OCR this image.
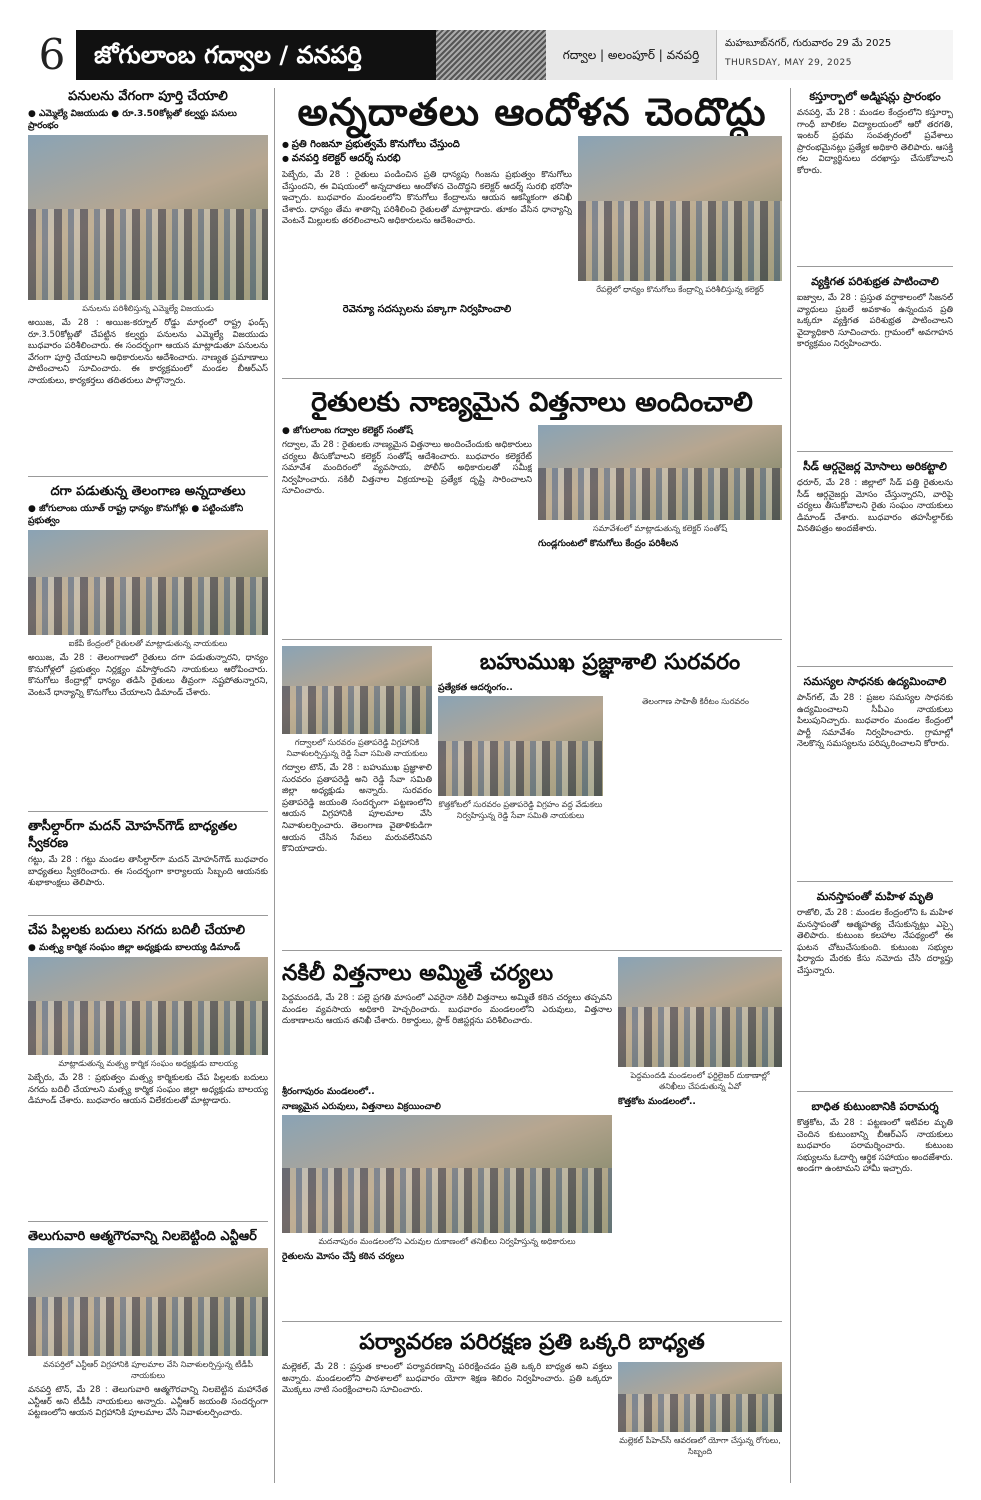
6	జోగులాంబ గద్వాల / వనపర్తి	గద్వాల | అలంపూర్ | వనపర్తి
మహబూబ్‌నగర్, గురువారం 29 మే 2025
THURSDAY, MAY 29, 2025
పనులను వేగంగా పూర్తి చేయాలి
● ఎమ్మెల్యే విజయుడు ● రూ.3.50కోట్లతో కల్వర్టు పనులు ప్రారంభం
పనులను పరిశీలిస్తున్న ఎమ్మెల్యే విజయుడు
అయిజ, మే 28 : అయిజ-కర్నూల్ రోడ్డు మార్గంలో రాష్ట్ర ఫండ్స్ రూ.3.50కోట్లతో చేపట్టిన కల్వర్టు పనులను ఎమ్మెల్యే విజయుడు బుధవారం పరిశీలించారు. ఈ సందర్భంగా ఆయన మాట్లాడుతూ పనులను వేగంగా పూర్తి చేయాలని అధికారులను ఆదేశించారు. నాణ్యత ప్రమాణాలు పాటించాలని సూచించారు. ఈ కార్యక్రమంలో మండల బీఆర్ఎస్ నాయకులు, కార్యకర్తలు తదితరులు పాల్గొన్నారు.
దగా పడుతున్న తెలంగాణ అన్నదాతలు
● జోగులాంబ యూత్ రాష్ట్ర ధాన్యం కొనుగోళ్లు ● పట్టించుకోని ప్రభుత్వం
ఐకేపీ కేంద్రంలో రైతులతో మాట్లాడుతున్న నాయకులు
అయిజ, మే 28 : తెలంగాణలో రైతులు దగా పడుతున్నారని, ధాన్యం కొనుగోళ్లలో ప్రభుత్వం నిర్లక్ష్యం వహిస్తోందని నాయకులు ఆరోపించారు. కొనుగోలు కేంద్రాల్లో ధాన్యం తడిసి రైతులు తీవ్రంగా నష్టపోతున్నారని, వెంటనే ధాన్యాన్ని కొనుగోలు చేయాలని డిమాండ్ చేశారు.
తాసీల్దార్‌గా మదన్ మోహన్‌గౌడ్ బాధ్యతల స్వీకరణ
గట్టు, మే 28 : గట్టు మండల తాసీల్దార్‌గా మదన్ మోహన్‌గౌడ్ బుధవారం బాధ్యతలు స్వీకరించారు. ఈ సందర్భంగా కార్యాలయ సిబ్బంది ఆయనకు శుభాకాంక్షలు తెలిపారు.
చేప పిల్లలకు బదులు నగదు బదిలీ చేయాలి
● మత్స్య కార్మిక సంఘం జిల్లా అధ్యక్షుడు బాలయ్య డిమాండ్
మాట్లాడుతున్న మత్స్య కార్మిక సంఘం అధ్యక్షుడు బాలయ్య
పెబ్బేరు, మే 28 : ప్రభుత్వం మత్స్య కార్మికులకు చేప పిల్లలకు బదులు నగదు బదిలీ చేయాలని మత్స్య కార్మిక సంఘం జిల్లా అధ్యక్షుడు బాలయ్య డిమాండ్ చేశారు. బుధవారం ఆయన విలేకరులతో మాట్లాడారు.
తెలుగువారి ఆత్మగౌరవాన్ని నిలబెట్టింది ఎన్టీఆర్
వనపర్తిలో ఎన్టీఆర్ విగ్రహానికి పూలమాల వేసి నివాళులర్పిస్తున్న టీడీపీ నాయకులు
వనపర్తి టౌన్, మే 28 : తెలుగువారి ఆత్మగౌరవాన్ని నిలబెట్టిన మహానేత ఎన్టీఆర్ అని టీడీపీ నాయకులు అన్నారు. ఎన్టీఆర్ జయంతి సందర్భంగా పట్టణంలోని ఆయన విగ్రహానికి పూలమాల వేసి నివాళులర్పించారు.
అన్నదాతలు ఆందోళన చెందొద్దు
● ప్రతి గింజనూ ప్రభుత్వమే కొనుగోలు చేస్తుంది
● వనపర్తి కలెక్టర్ ఆదర్శ్ సురభి
పెబ్బేరు, మే 28 : రైతులు పండించిన ప్రతి ధాన్యపు గింజను ప్రభుత్వం కొనుగోలు చేస్తుందని, ఈ విషయంలో అన్నదాతలు ఆందోళన చెందొద్దని కలెక్టర్ ఆదర్శ్ సురభి భరోసా ఇచ్చారు. బుధవారం మండలంలోని కొనుగోలు కేంద్రాలను ఆయన ఆకస్మికంగా తనిఖీ చేశారు. ధాన్యం తేమ శాతాన్ని పరిశీలించి రైతులతో మాట్లాడారు. తూకం వేసిన ధాన్యాన్ని వెంటనే మిల్లులకు తరలించాలని అధికారులను ఆదేశించారు.
రెవెన్యూ సదస్సులను పక్కాగా నిర్వహించాలి
రేపల్లెలో ధాన్యం కొనుగోలు కేంద్రాన్ని పరిశీలిస్తున్న కలెక్టర్
రైతులకు నాణ్యమైన విత్తనాలు అందించాలి
● జోగులాంబ గద్వాల కలెక్టర్ సంతోష్
గద్వాల, మే 28 : రైతులకు నాణ్యమైన విత్తనాలు అందించేందుకు అధికారులు చర్యలు తీసుకోవాలని కలెక్టర్ సంతోష్ ఆదేశించారు. బుధవారం కలెక్టరేట్ సమావేశ మందిరంలో వ్యవసాయ, పోలీస్ అధికారులతో సమీక్ష నిర్వహించారు. నకిలీ విత్తనాల విక్రయాలపై ప్రత్యేక దృష్టి సారించాలని సూచించారు.
సమావేశంలో మాట్లాడుతున్న కలెక్టర్ సంతోష్
గుండ్లగుంటలో కొనుగోలు కేంద్రం పరిశీలన
గద్వాలలో సురవరం ప్రతాపరెడ్డి విగ్రహానికి నివాళులర్పిస్తున్న రెడ్డి సేవా సమితి నాయకులు
గద్వాల టౌన్, మే 28 : బహుముఖ ప్రజ్ఞాశాలి సురవరం ప్రతాపరెడ్డి అని రెడ్డి సేవా సమితి జిల్లా అధ్యక్షుడు అన్నారు. సురవరం ప్రతాపరెడ్డి జయంతి సందర్భంగా పట్టణంలోని ఆయన విగ్రహానికి పూలమాల వేసి నివాళులర్పించారు. తెలంగాణ వైతాళికుడిగా ఆయన చేసిన సేవలు మరువలేనివని కొనియాడారు.
బహుముఖ ప్రజ్ఞాశాలి సురవరం
ప్రత్యేకత ఆదర్శంగం..
కొత్తకోటలో సురవరం ప్రతాపరెడ్డి విగ్రహం వద్ద వేడుకలు నిర్వహిస్తున్న రెడ్డి సేవా సమితి నాయకులు
తెలంగాణ సాహితీ కిరీటం సురవరం
నకిలీ విత్తనాలు అమ్మితే చర్యలు
పెద్దమందడి, మే 28 : పల్లె ప్రగతి మాసంలో ఎవరైనా నకిలీ విత్తనాలు అమ్మితే కఠిన చర్యలు తప్పవని మండల వ్యవసాయ అధికారి హెచ్చరించారు. బుధవారం మండలంలోని ఎరువులు, విత్తనాల దుకాణాలను ఆయన తనిఖీ చేశారు. రికార్డులు, స్టాక్ రిజిస్టర్లను పరిశీలించారు.
శ్రీరంగాపురం మండలంలో..
నాణ్యమైన ఎరువులు, విత్తనాలు విక్రయించాలి
మదనాపురం మండలంలోని ఎరువుల దుకాణంలో తనిఖీలు నిర్వహిస్తున్న అధికారులు
రైతులను మోసం చేస్తే కఠిన చర్యలు
పెద్దమందడి మండలంలో ఫర్టిలైజర్ దుకాణాల్లో తనిఖీలు చేపడుతున్న ఏవో
కొత్తకోట మండలంలో..
పర్యావరణ పరిరక్షణ ప్రతి ఒక్కరి బాధ్యత
మల్లెకల్, మే 28 : ప్రస్తుత కాలంలో పర్యావరణాన్ని పరిరక్షించడం ప్రతి ఒక్కరి బాధ్యత అని వక్తలు అన్నారు. మండలంలోని పాఠశాలలో బుధవారం యోగా శిక్షణ శిబిరం నిర్వహించారు. ప్రతి ఒక్కరూ మొక్కలు నాటి సంరక్షించాలని సూచించారు.
మల్లెకల్ పీహెచ్‌సీ ఆవరణలో యోగా చేస్తున్న రోగులు, సిబ్బంది
కస్తూర్బాలో అడ్మిషన్లు ప్రారంభం
వనపర్తి, మే 28 : మండల కేంద్రంలోని కస్తూర్బా గాంధీ బాలికల విద్యాలయంలో ఆరో తరగతి, ఇంటర్ ప్రథమ సంవత్సరంలో ప్రవేశాలు ప్రారంభమైనట్లు ప్రత్యేక అధికారి తెలిపారు. ఆసక్తి గల విద్యార్థినులు దరఖాస్తు చేసుకోవాలని కోరారు.
వ్యక్తిగత పరిశుభ్రత పాటించాలి
ఐజ్వాల, మే 28 : ప్రస్తుత వర్షాకాలంలో సీజనల్ వ్యాధులు ప్రబలే అవకాశం ఉన్నందున ప్రతి ఒక్కరూ వ్యక్తిగత పరిశుభ్రత పాటించాలని వైద్యాధికారి సూచించారు. గ్రామంలో అవగాహన కార్యక్రమం నిర్వహించారు.
సీడ్ ఆర్గనైజర్ల మోసాలు అరికట్టాలి
ధరూర్, మే 28 : జిల్లాలో సీడ్ పత్తి రైతులను సీడ్ ఆర్గనైజర్లు మోసం చేస్తున్నారని, వారిపై చర్యలు తీసుకోవాలని రైతు సంఘం నాయకులు డిమాండ్ చేశారు. బుధవారం తహసీల్దార్‌కు వినతిపత్రం అందజేశారు.
సమస్యల సాధనకు ఉద్యమించాలి
పాన్‌గల్, మే 28 : ప్రజల సమస్యల సాధనకు ఉద్యమించాలని సీపీఎం నాయకులు పిలుపునిచ్చారు. బుధవారం మండల కేంద్రంలో పార్టీ సమావేశం నిర్వహించారు. గ్రామాల్లో నెలకొన్న సమస్యలను పరిష్కరించాలని కోరారు.
మనస్తాపంతో మహిళ మృతి
రాజోలి, మే 28 : మండల కేంద్రంలోని ఓ మహిళ మనస్తాపంతో ఆత్మహత్య చేసుకున్నట్లు ఎస్సై తెలిపారు. కుటుంబ కలహాల నేపథ్యంలో ఈ ఘటన చోటుచేసుకుంది. కుటుంబ సభ్యుల ఫిర్యాదు మేరకు కేసు నమోదు చేసి దర్యాప్తు చేస్తున్నారు.
బాధిత కుటుంబానికి పరామర్శ
కొత్తకోట, మే 28 : పట్టణంలో ఇటీవల మృతి చెందిన కుటుంబాన్ని బీఆర్ఎస్ నాయకులు బుధవారం పరామర్శించారు. కుటుంబ సభ్యులను ఓదార్చి ఆర్థిక సహాయం అందజేశారు. అండగా ఉంటామని హామీ ఇచ్చారు.
